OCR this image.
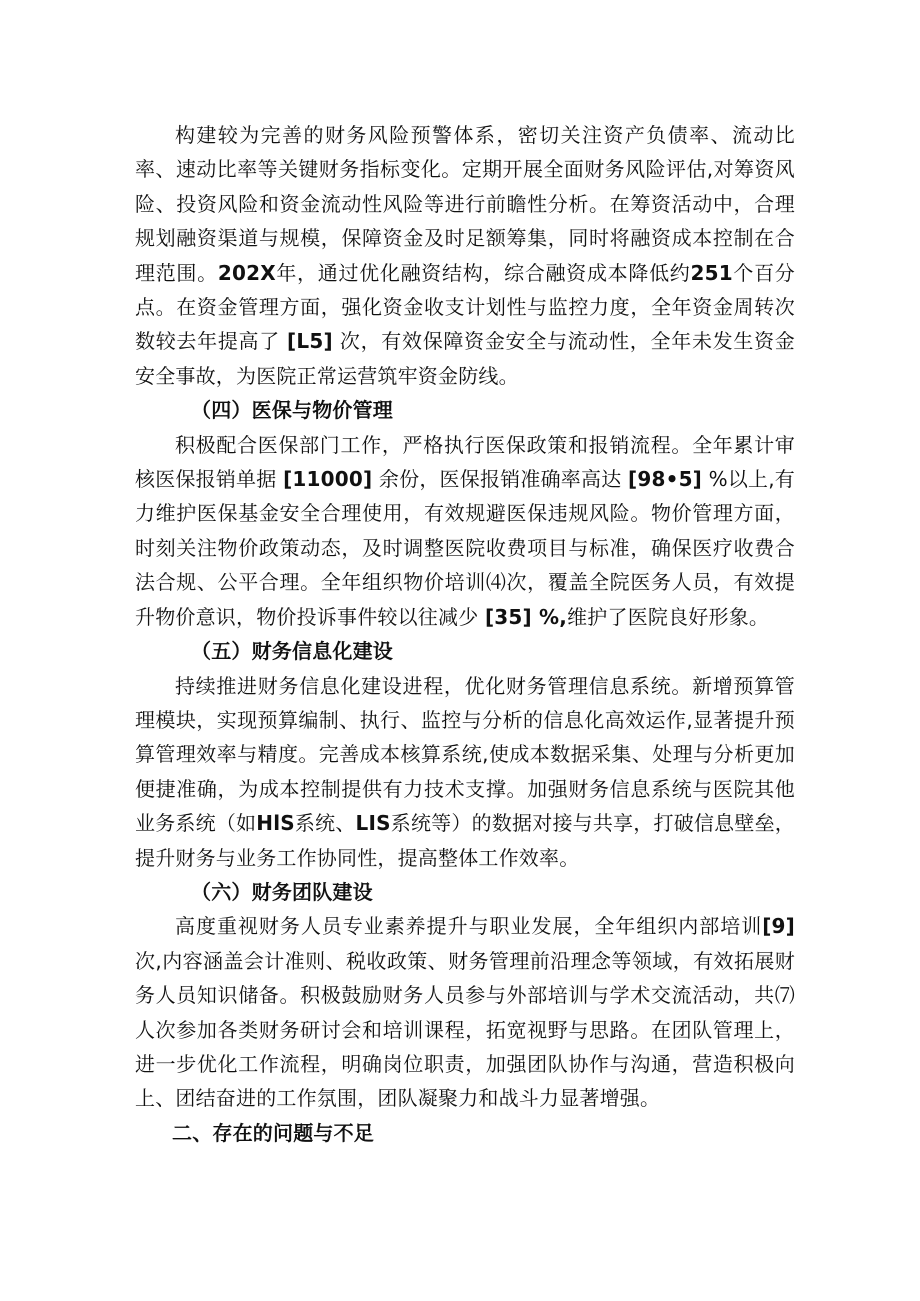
构建较为完善的财务风险预警体系，密切关注资产负债率、流动比率、速动比率等关键财务指标变化。定期开展全面财务风险评估,对筹资风险、投资风险和资金流动性风险等进行前瞻性分析。在筹资活动中，合理规划融资渠道与规模，保障资金及时足额筹集，同时将融资成本控制在合理范围。202X年，通过优化融资结构，综合融资成本降低约251个百分点。在资金管理方面，强化资金收支计划性与监控力度，全年资金周转次数较去年提高了 [L5] 次，有效保障资金安全与流动性，全年未发生资金安全事故，为医院正常运营筑牢资金防线。

（四）医保与物价管理

积极配合医保部门工作，严格执行医保政策和报销流程。全年累计审核医保报销单据 [11000] 余份，医保报销准确率高达 [98•5] %以上,有力维护医保基金安全合理使用，有效规避医保违规风险。物价管理方面，时刻关注物价政策动态，及时调整医院收费项目与标准，确保医疗收费合法合规、公平合理。全年组织物价培训⑷次，覆盖全院医务人员，有效提升物价意识，物价投诉事件较以往减少 [35] %,维护了医院良好形象。

（五）财务信息化建设

持续推进财务信息化建设进程，优化财务管理信息系统。新增预算管理模块，实现预算编制、执行、监控与分析的信息化高效运作,显著提升预算管理效率与精度。完善成本核算系统,使成本数据采集、处理与分析更加便捷准确，为成本控制提供有力技术支撑。加强财务信息系统与医院其他业务系统（如HlS系统、LIS系统等）的数据对接与共享，打破信息壁垒，提升财务与业务工作协同性，提高整体工作效率。

（六）财务团队建设

高度重视财务人员专业素养提升与职业发展，全年组织内部培训[9]次,内容涵盖会计准则、税收政策、财务管理前沿理念等领域，有效拓展财务人员知识储备。积极鼓励财务人员参与外部培训与学术交流活动，共⑺人次参加各类财务研讨会和培训课程，拓宽视野与思路。在团队管理上，进一步优化工作流程，明确岗位职责，加强团队协作与沟通，营造积极向上、团结奋进的工作氛围，团队凝聚力和战斗力显著增强。

二、存在的问题与不足
